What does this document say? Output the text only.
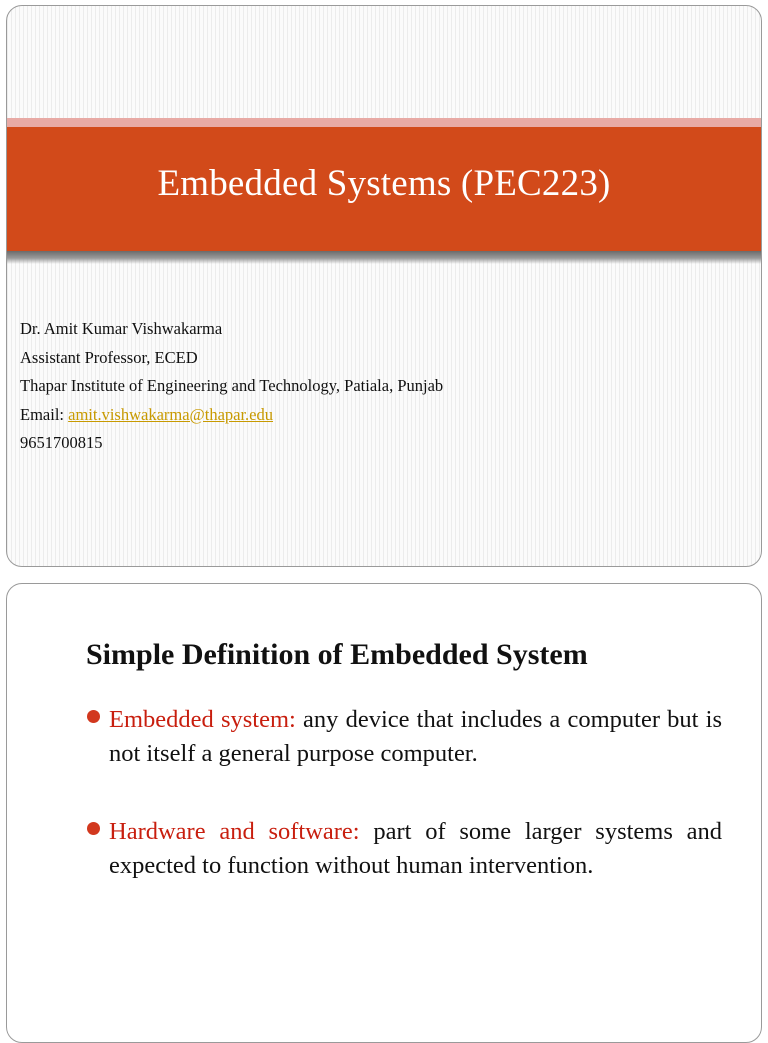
Embedded Systems (PEC223)
Dr. Amit Kumar Vishwakarma
Assistant Professor, ECED
Thapar Institute of Engineering and Technology, Patiala, Punjab
Email: amit.vishwakarma@thapar.edu
9651700815
Simple Definition of Embedded System
Embedded system: any device that includes a computer but is not itself a general purpose computer.
Hardware and software: part of some larger systems and expected to function without human intervention.
